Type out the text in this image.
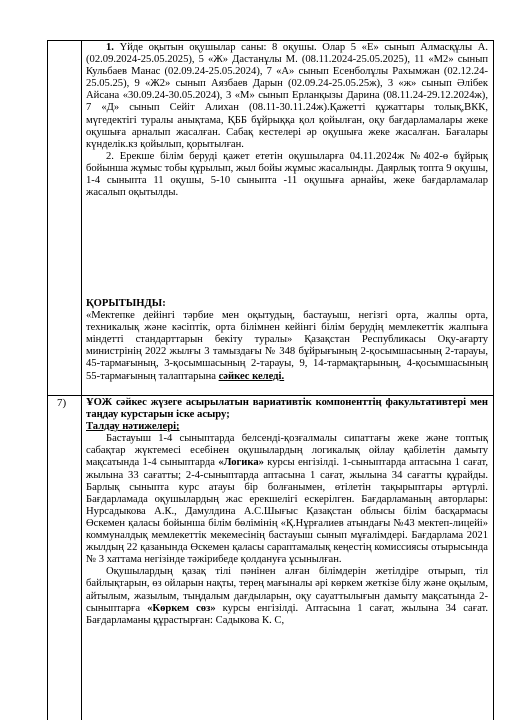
1. Үйде оқытын оқушылар саны: 8 оқушы. Олар 5 «Е» сынып Алмасқұлы А. (02.09.2024-25.05.2025), 5 «Ж» Дастанұлы М. (08.11.2024-25.05.2025), 11 «М2» сынып Кульбаев Манас (02.09.24-25.05.2024), 7 «А» сынып Есенболұлы Рахымжан (02.12.24-25.05.25), 9 «Ж2» сынып Аязбаев Дарын (02.09.24-25.05.25ж), 3 «ж» сынып Әлібек Айсана «30.09.24-30.05.2024), 3 «М» сынып Ерланқызы Дарина (08.11.24-29.12.2024ж), 7 «Д» сынып Сейіт Алихан (08.11-30.11.24ж).Қажетті құжаттары толық,ВКК, мүгедектігі туралы анықтама, ҚББ бұйрыққа қол қойылған, оқу бағдарламалары жеке оқушыға арналып жасалған. Сабақ кестелері әр оқушыға жеке жасалған. Бағалары күнделік.кз қойылып, қорытылған.

2. Ерекше білім беруді қажет ететін оқушыларға 04.11.2024ж №402-ө бұйрық бойынша жұмыс тобы құрылып, жыл бойы жұмыс жасалынды. Даярлық топта 9 оқушы, 1-4 сыныпта 11 оқушы, 5-10 сыныпта -11 оқушыға арнайы, жеке бағдарламалар жасалып оқытылды.

ҚОРЫТЫНДЫ:

«Мектепке дейінгі тәрбие мен оқытудың, бастауыш, негізгі орта, жалпы орта, техникалық және кәсіптік, орта білімнен кейінгі білім берудің мемлекеттік жалпыға міндетті стандарттарын бекіту туралы» Қазақстан Республикасы Оқу-ағарту министрінің 2022 жылғы 3 тамыздағы № 348 бұйрығының 2-қосымшасының 2-тарауы, 45-тармағының, 3-қосымшасының 2-тарауы, 9, 14-тармақтарының, 4-қосымшасының 55-тармағының талаптарына сәйкес келеді.

7) ҰОЖ сәйкес жүзеге асырылатын вариативтік компоненттің факультативтері мен таңдау курстарын іске асыру;

Талдау нәтижелері;

Бастауыш 1-4 сыныптарда белсенді-қозғалмалы сипаттағы жеке және топтық сабақтар жүктемесі есебінен оқушылардың логикалық ойлау қабілетін дамыту мақсатында 1-4 сыныптарда «Логика» курсы енгізілді. 1-сыныптарда аптасына 1 сағат, жылына 33 сағатты; 2-4-сыныптарда аптасына 1 сағат, жылына 34 сағатты құрайды. Барлық сыныпта курс атауы бір болғанымен, өтілетін тақырыптары әртүрлі. Бағдарламада оқушылардың жас ерекшелігі ескерілген. Бағдарламаның авторлары: Нурсадыкова А.К., Дамулдина А.С.Шығыс Қазақстан облысы білім басқармасы Өскемен қаласы бойынша білім бөлімінің «Қ.Нұрғалиев атындағы №43 мектеп-лицейі» коммуналдық мемлекеттік мекемесінің бастауыш сынып мұғалімдері. Бағдарлама 2021 жылдың 22 қазанында Өскемен қаласы сараптамалық кеңестің комиссиясы отырысында № 3 хаттама негізінде тәжірибеде қолдануға ұсынылған.

Оқушылардың қазақ тілі пәнінен алған білімдерін жетілдіре отырып, тіл байлықтарын, өз ойларын нақты, терең мағыналы әрі көркем жеткізе білу және оқылым, айтылым, жазылым, тыңдалым дағдыларын, оқу сауаттылығын дамыту мақсатында 2-сыныптарға «Көркем сөз» курсы енгізілді. Аптасына 1 сағат, жылына 34 сағат. Бағдарламаны құрастырған: Садыкова К. С,
